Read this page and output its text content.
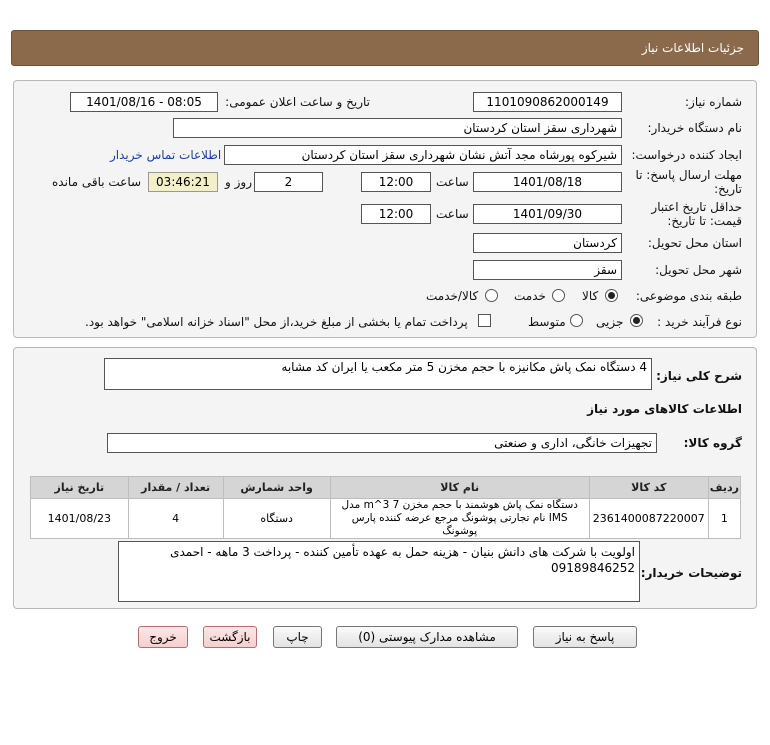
جزئیات اطلاعات نیاز
شماره نیاز:
1101090862000149
تاریخ و ساعت اعلان عمومی:
1401/08/16 - 08:05
نام دستگاه خریدار:
شهرداری سقز استان کردستان
ایجاد کننده درخواست:
شیرکوه پورشاه مجد آتش نشان شهرداری سقز استان کردستان
اطلاعات تماس خریدار
مهلت ارسال پاسخ: تا تاریخ:
1401/08/18
ساعت
12:00
2
روز و
03:46:21
ساعت باقی مانده
حداقل تاریخ اعتبار قیمت: تا تاریخ:
1401/09/30
ساعت
12:00
استان محل تحویل:
کردستان
شهر محل تحویل:
سقز
طبقه بندی موضوعی:
کالا
خدمت
کالا/خدمت
نوع فرآیند خرید :
جزیی
متوسط
پرداخت تمام یا بخشی از مبلغ خرید،از محل "اسناد خزانه اسلامی" خواهد بود.
شرح کلی نیاز:
4 دستگاه نمک پاش مکانیزه با حجم مخزن 5 متر مکعب یا ایران کد مشابه
اطلاعات کالاهای مورد نیاز
گروه کالا:
تجهیزات خانگی، اداری و صنعتی
ردیف	کد کالا	نام کالا	واحد شمارش	تعداد / مقدار	تاریخ نیاز
1	2361400087220007	دستگاه نمک پاش هوشمند با حجم مخزن m^3 7 مدل IMS نام تجارتی پوشونگ مرجع عرضه کننده پارس پوشونگ	دستگاه	4	1401/08/23
توضیحات خریدار:
اولویت با شرکت های دانش بنیان - هزینه حمل به عهده تأمین کننده - پرداخت 3 ماهه - احمدی 09189846252
پاسخ به نیاز
مشاهده مدارک پیوستی (0)
چاپ
بازگشت
خروج
